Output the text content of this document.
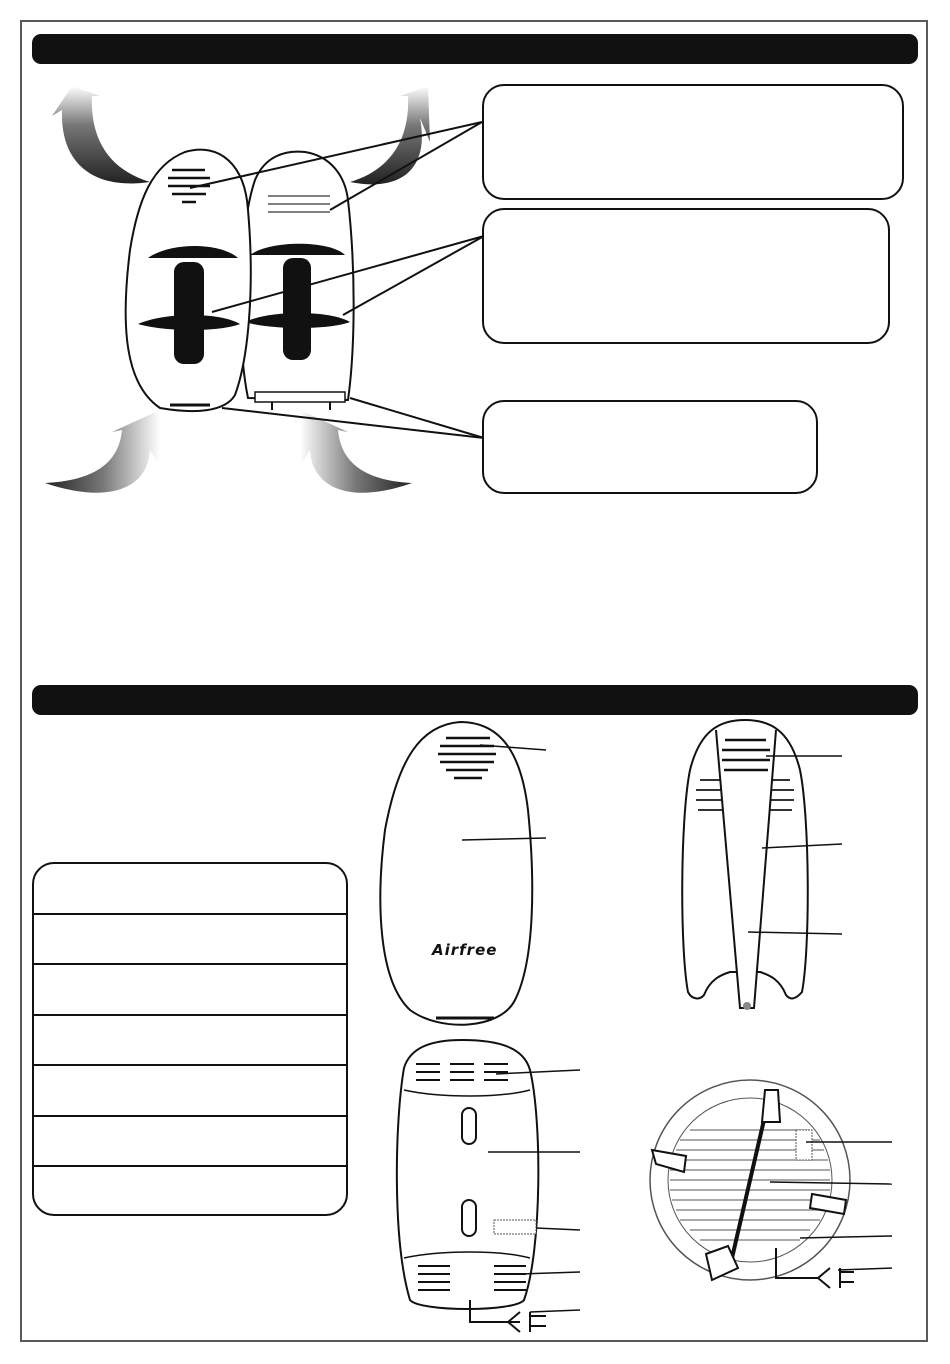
Airfree
